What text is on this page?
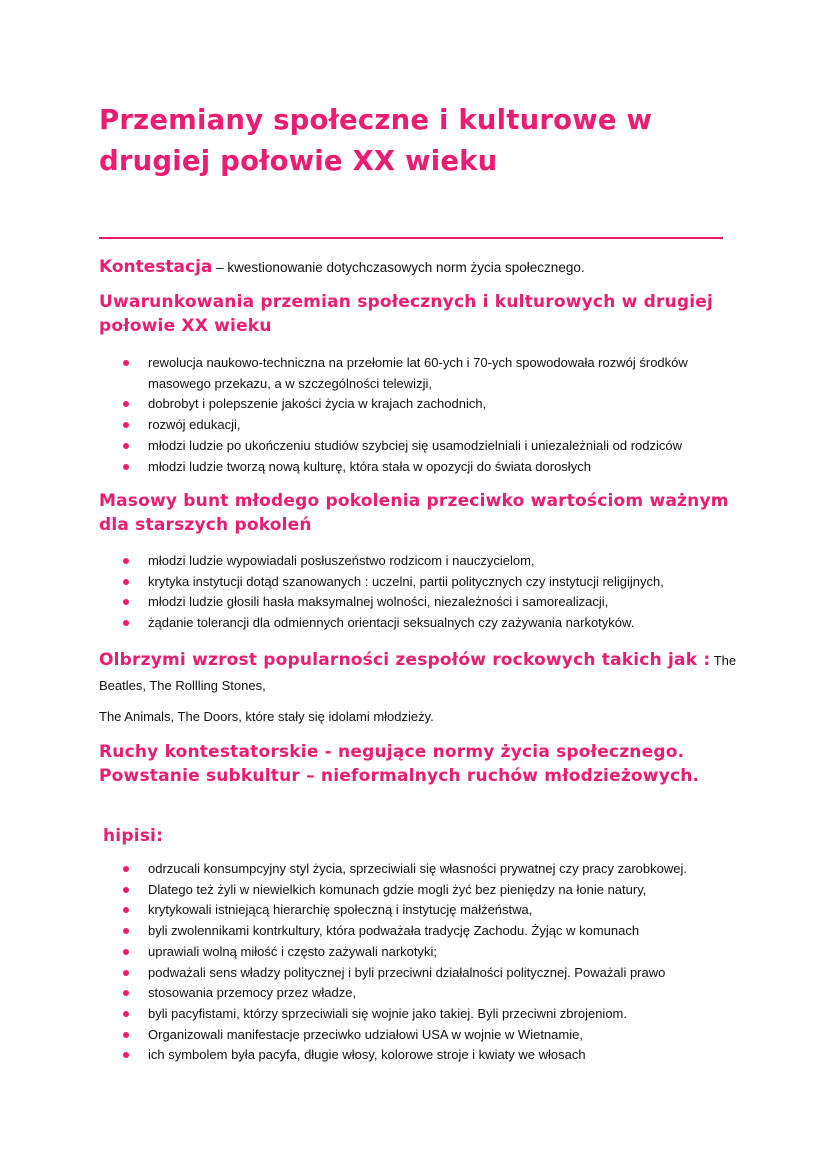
Przemiany społeczne i kulturowe w drugiej połowie XX wieku
Kontestacja – kwestionowanie dotychczasowych norm życia społecznego.
Uwarunkowania przemian społecznych i kulturowych w drugiej połowie XX wieku
rewolucja naukowo-techniczna na przełomie lat 60-ych i 70-ych spowodowała rozwój środków masowego przekazu, a w szczególności telewizji,
dobrobyt i polepszenie jakości życia w krajach zachodnich,
rozwój edukacji,
młodzi ludzie po ukończeniu studiów szybciej się usamodzielniali i uniezależniali od rodziców
młodzi ludzie tworzą nową kulturę, która stała w opozycji do świata dorosłych
Masowy bunt młodego pokolenia przeciwko wartościom ważnym dla starszych pokoleń
młodzi ludzie wypowiadali posłuszeństwo rodzicom i nauczycielom,
krytyka instytucji dotąd szanowanych : uczelni, partii politycznych czy instytucji religijnych,
młodzi ludzie głosili hasła maksymalnej wolności, niezależności i samorealizacji,
żądanie tolerancji dla odmiennych orientacji seksualnych czy zażywania narkotyków.
Olbrzymi wzrost popularności zespołów rockowych takich jak : The Beatles, The Rollling Stones,
The Animals, The Doors, które stały się idolami młodzieży.
Ruchy kontestatorskie - negujące normy życia społecznego. Powstanie subkultur – nieformalnych ruchów młodzieżowych.
hipisi:
odrzucali konsumpcyjny styl życia, sprzeciwiali się własności prywatnej czy pracy zarobkowej.
Dlatego też żyli w niewielkich komunach gdzie mogli żyć bez pieniędzy na łonie natury,
krytykowali istniejącą hierarchię społeczną i instytucję małżeństwa,
byli zwolennikami kontrkultury, która podważała tradycję Zachodu. Żyjąc w komunach
uprawiali wolną miłość i często zażywali narkotyki;
podważali sens władzy politycznej i byli przeciwni działalności politycznej. Poważali prawo
stosowania przemocy przez władze,
byli pacyfistami, którzy sprzeciwiali się wojnie jako takiej. Byli przeciwni zbrojeniom.
Organizowali manifestacje przeciwko udziałowi USA w wojnie w Wietnamie,
ich symbolem była pacyfa, długie włosy, kolorowe stroje i kwiaty we włosach
